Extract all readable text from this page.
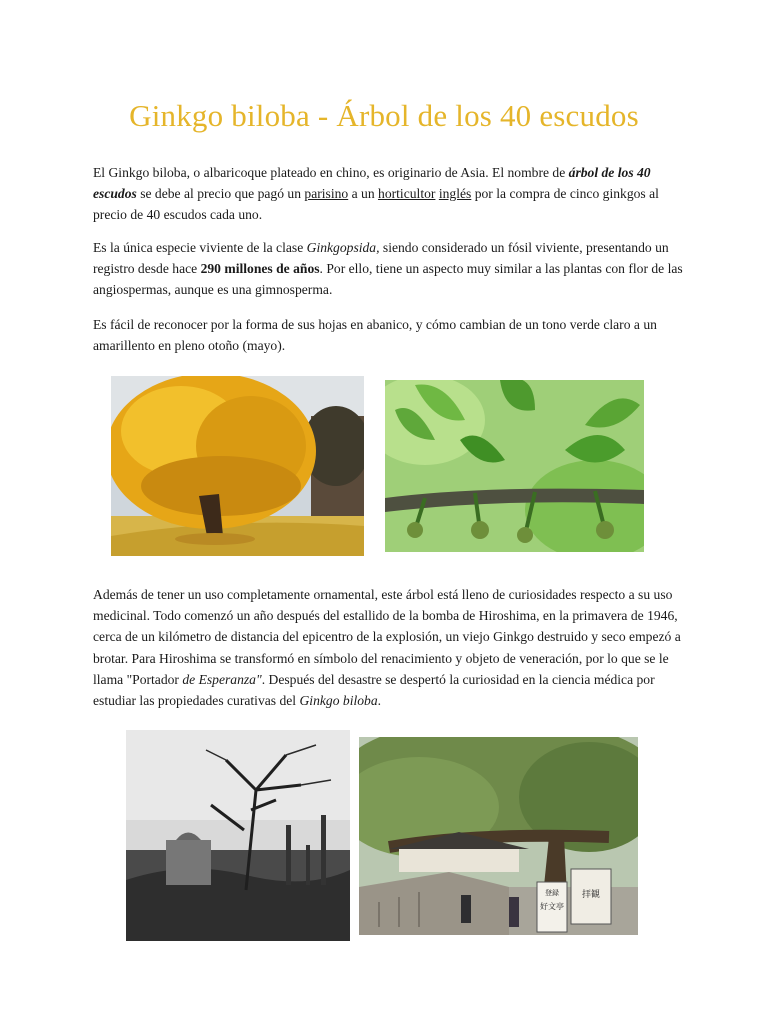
Ginkgo biloba - Árbol de los 40 escudos

El Ginkgo biloba, o albaricoque plateado en chino, es originario de Asia. El nombre de árbol de los 40 escudos se debe al precio que pagó un parisino a un horticultor inglés por la compra de cinco ginkgos al precio de 40 escudos cada uno.

Es la única especie viviente de la clase Ginkgopsida, siendo considerado un fósil viviente, presentando un registro desde hace 290 millones de años. Por ello, tiene un aspecto muy similar a las plantas con flor de las angiospermas, aunque es una gimnosperma.

Es fácil de reconocer por la forma de sus hojas en abanico, y cómo cambian de un tono verde claro a un amarillento en pleno otoño (mayo).

Además de tener un uso completamente ornamental, este árbol está lleno de curiosidades respecto a su uso medicinal. Todo comenzó un año después del estallido de la bomba de Hiroshima, en la primavera de 1946, cerca de un kilómetro de distancia del epicentro de la explosión, un viejo Ginkgo destruido y seco empezó a brotar. Para Hiroshima se transformó en símbolo del renacimiento y objeto de veneración, por lo que se le llama "Portador de Esperanza". Después del desastre se despertó la curiosidad en la ciencia médica por estudiar las propiedades curativas del Ginkgo biloba.

登録
好文亭
拝観
